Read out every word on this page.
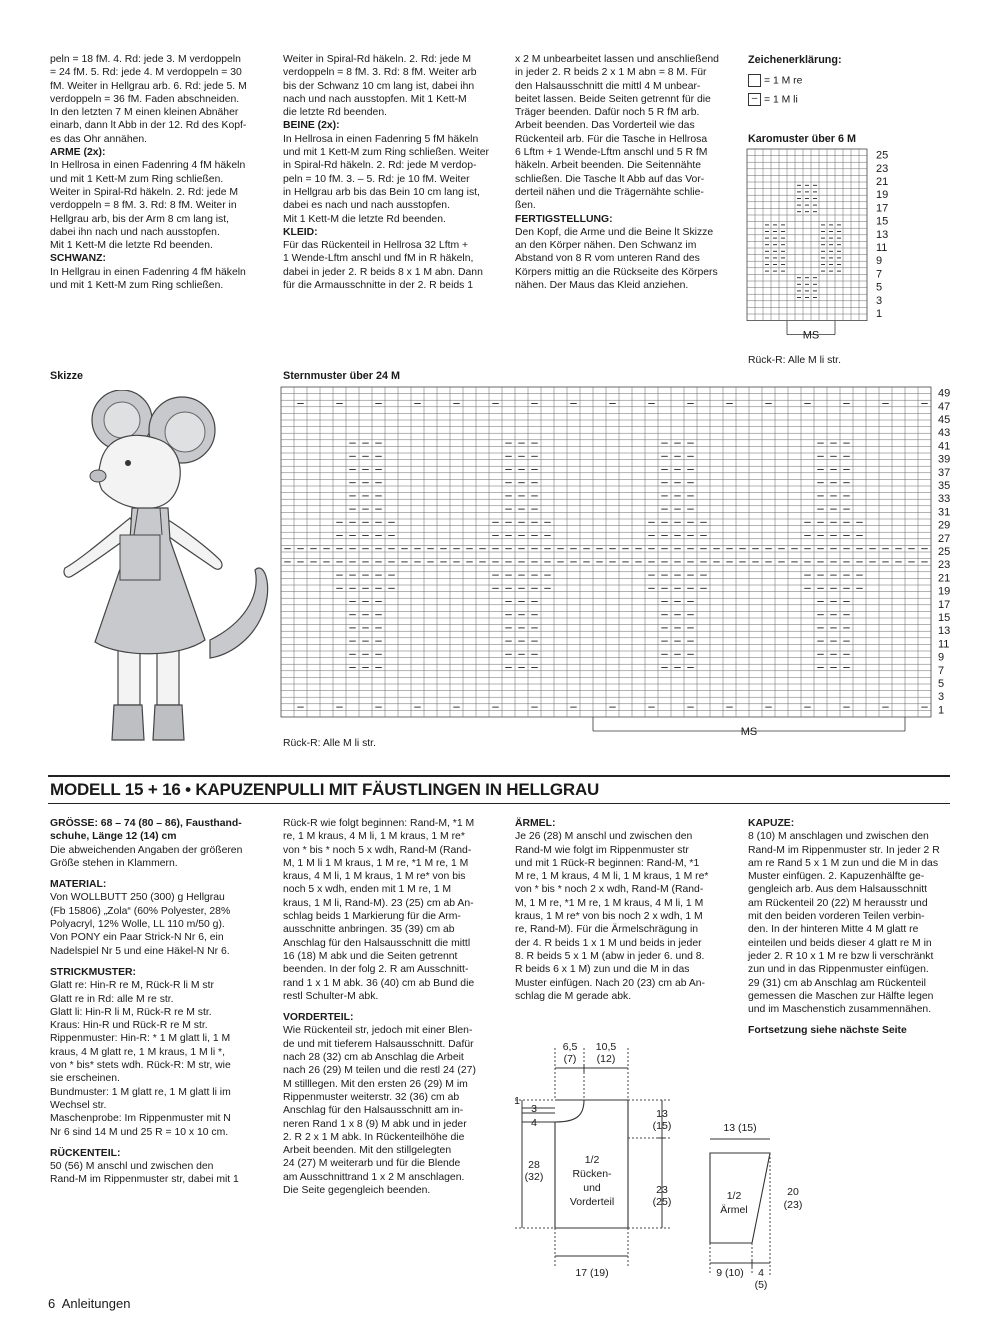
peln = 18 fM. 4. Rd: jede 3. M verdoppeln
= 24 fM. 5. Rd: jede 4. M verdoppeln = 30
fM. Weiter in Hellgrau arb. 6. Rd: jede 5. M
verdoppeln = 36 fM. Faden abschneiden.
In den letzten 7 M einen kleinen Abnäher
einarb, dann lt Abb in der 12. Rd des Kopf-
es das Ohr annähen.
ARME (2x):
In Hellrosa in einen Fadenring 4 fM häkeln
und mit 1 Kett-M zum Ring schließen.
Weiter in Spiral-Rd häkeln. 2. Rd: jede M
verdoppeln = 8 fM. 3. Rd: 8 fM. Weiter in
Hellgrau arb, bis der Arm 8 cm lang ist,
dabei ihn nach und nach ausstopfen.
Mit 1 Kett-M die letzte Rd beenden.
SCHWANZ:
In Hellgrau in einen Fadenring 4 fM häkeln
und mit 1 Kett-M zum Ring schließen.
Weiter in Spiral-Rd häkeln. 2. Rd: jede M
verdoppeln = 8 fM. 3. Rd: 8 fM. Weiter arb
bis der Schwanz 10 cm lang ist, dabei ihn
nach und nach ausstopfen. Mit 1 Kett-M
die letzte Rd beenden.
BEINE (2x):
In Hellrosa in einen Fadenring 5 fM häkeln
und mit 1 Kett-M zum Ring schließen. Weiter
in Spiral-Rd häkeln. 2. Rd: jede M verdop-
peln = 10 fM. 3. – 5. Rd: je 10 fM. Weiter
in Hellgrau arb bis das Bein 10 cm lang ist,
dabei es nach und nach ausstopfen.
Mit 1 Kett-M die letzte Rd beenden.
KLEID:
Für das Rückenteil in Hellrosa 32 Lftm +
1 Wende-Lftm anschl und fM in R häkeln,
dabei in jeder 2. R beids 8 x 1 M abn. Dann
für die Armausschnitte in der 2. R beids 1
x 2 M unbearbeitet lassen und anschließend
in jeder 2. R beids 2 x 1 M abn = 8 M. Für
den Halsausschnitt die mittl 4 M unbear-
beitet lassen. Beide Seiten getrennt für die
Träger beenden. Dafür noch 5 R fM arb.
Arbeit beenden. Das Vorderteil wie das
Rückenteil arb. Für die Tasche in Hellrosa
6 Lftm + 1 Wende-Lftm anschl und 5 R fM
häkeln. Arbeit beenden. Die Seitennähte
schließen. Die Tasche lt Abb auf das Vor-
derteil nähen und die Trägernähte schlie-
ßen.
FERTIGSTELLUNG:
Den Kopf, die Arme und die Beine lt Skizze
an den Körper nähen. Den Schwanz im
Abstand von 8 R vom unteren Rand des
Körpers mittig an die Rückseite des Körpers
nähen. Der Maus das Kleid anziehen.
Zeichenerklärung:
= 1 M re
– = 1 M li
Karomuster über 6 M
25
23
21
19
17
15
13
11
9
7
5
3
1
MS
Rück-R: Alle M li str.
Skizze	Sternmuster über 24 M
49
47
45
43
41
39
37
35
33
31
29
27
25
23
21
19
17
15
13
11
9
7
5
3
1
MS
Rück-R: Alle M li str.
MODELL 15 + 16 • KAPUZENPULLI MIT FÄUSTLINGEN IN HELLGRAU
GRÖSSE: 68 – 74 (80 – 86), Fausthand-
schuhe, Länge 12 (14) cm
Die abweichenden Angaben der größeren
Größe stehen in Klammern.
MATERIAL:
Von WOLLBUTT 250 (300) g Hellgrau
(Fb 15806) „Zola“ (60% Polyester, 28%
Polyacryl, 12% Wolle, LL 110 m/50 g).
Von PONY ein Paar Strick-N Nr 6, ein
Nadelspiel Nr 5 und eine Häkel-N Nr 6.
STRICKMUSTER:
Glatt re: Hin-R re M, Rück-R li M str
Glatt re in Rd: alle M re str.
Glatt li: Hin-R li M, Rück-R re M str.
Kraus: Hin-R und Rück-R re M str.
Rippenmuster: Hin-R: * 1 M glatt li, 1 M
kraus, 4 M glatt re, 1 M kraus, 1 M li *,
von * bis* stets wdh. Rück-R: M str, wie
sie erscheinen.
Bundmuster: 1 M glatt re, 1 M glatt li im
Wechsel str.
Maschenprobe: Im Rippenmuster mit N
Nr 6 sind 14 M und 25 R = 10 x 10 cm.
RÜCKENTEIL:
50 (56) M anschl und zwischen den
Rand-M im Rippenmuster str, dabei mit 1
Rück-R wie folgt beginnen: Rand-M, *1 M
re, 1 M kraus, 4 M li, 1 M kraus, 1 M re*
von * bis * noch 5 x wdh, Rand-M (Rand-
M, 1 M li 1 M kraus, 1 M re, *1 M re, 1 M
kraus, 4 M li, 1 M kraus, 1 M re* von bis
noch 5 x wdh, enden mit 1 M re, 1 M
kraus, 1 M li, Rand-M). 23 (25) cm ab An-
schlag beids 1 Markierung für die Arm-
ausschnitte anbringen. 35 (39) cm ab
Anschlag für den Halsausschnitt die mittl
16 (18) M abk und die Seiten getrennt
beenden. In der folg 2. R am Ausschnitt-
rand 1 x 1 M abk. 36 (40) cm ab Bund die
restl Schulter-M abk.
VORDERTEIL:
Wie Rückenteil str, jedoch mit einer Blen-
de und mit tieferem Halsausschnitt. Dafür
nach 28 (32) cm ab Anschlag die Arbeit
nach 26 (29) M teilen und die restl 24 (27)
M stilllegen. Mit den ersten 26 (29) M im
Rippenmuster weiterstr. 32 (36) cm ab
Anschlag für den Halsausschnitt am in-
neren Rand 1 x 8 (9) M abk und in jeder
2. R 2 x 1 M abk. In Rückenteilhöhe die
Arbeit beenden. Mit den stillgelegten
24 (27) M weiterarb und für die Blende
am Ausschnittrand 1 x 2 M anschlagen.
Die Seite gegengleich beenden.
ÄRMEL:
Je 26 (28) M anschl und zwischen den
Rand-M wie folgt im Rippenmuster str
und mit 1 Rück-R beginnen: Rand-M, *1
M re, 1 M kraus, 4 M li, 1 M kraus, 1 M re*
von * bis * noch 2 x wdh, Rand-M (Rand-
M, 1 M re, *1 M re, 1 M kraus, 4 M li, 1 M
kraus, 1 M re* von bis noch 2 x wdh, 1 M
re, Rand-M). Für die Ärmelschrägung in
der 4. R beids 1 x 1 M und beids in jeder
8. R beids 5 x 1 M (abw in jeder 6. und 8.
R beids 6 x 1 M) zun und die M in das
Muster einfügen. Nach 20 (23) cm ab An-
schlag die M gerade abk.
KAPUZE:
8 (10) M anschlagen und zwischen den
Rand-M im Rippenmuster str. In jeder 2 R
am re Rand 5 x 1 M zun und die M in das
Muster einfügen. 2. Kapuzenhälfte ge-
gengleich arb. Aus dem Halsausschnitt
am Rückenteil 20 (22) M herausstr und
mit den beiden vorderen Teilen verbin-
den. In der hinteren Mitte 4 M glatt re
einteilen und beids dieser 4 glatt re M in
jeder 2. R 10 x 1 M re bzw li verschränkt
zun und in das Rippenmuster einfügen.
29 (31) cm ab Anschlag am Rückenteil
gemessen die Maschen zur Hälfte legen
und im Maschenstich zusammennähen.
Fortsetzung siehe nächste Seite
6,5
(7)
10,5
(12)
1
3
4
13
(15)
28
(32)
23
(25)
1/2
Rücken-
und
Vorderteil
17 (19)
13 (15)
1/2
Ärmel
20
(23)
9 (10) 4
(5)
6 Anleitungen
